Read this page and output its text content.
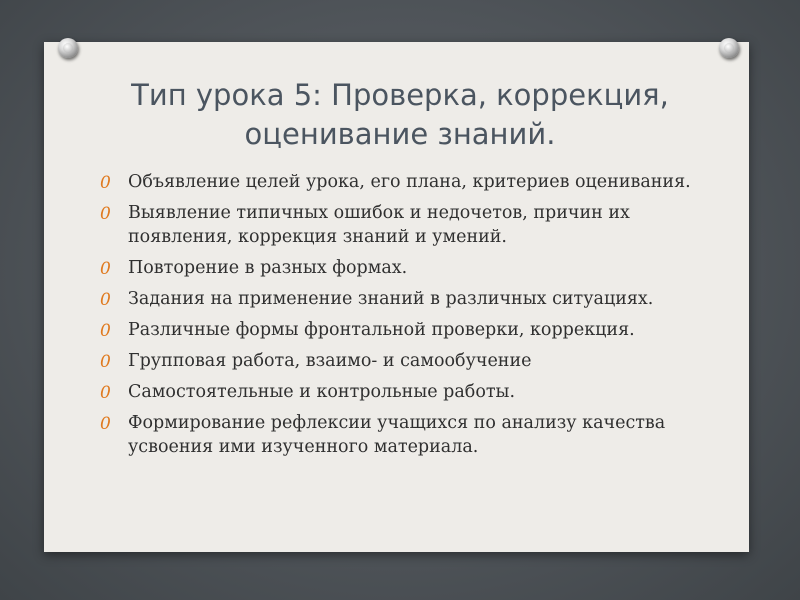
Тип урока 5: Проверка, коррекция,
оценивание знаний.
0 Объявление целей урока, его плана, критериев оценивания.
0 Выявление типичных ошибок и недочетов, причин их появления, коррекция знаний и умений.
0 Повторение в разных формах.
0 Задания на применение знаний в различных ситуациях.
0 Различные формы фронтальной проверки, коррекция.
0 Групповая работа, взаимо- и самообучение
0 Самостоятельные и контрольные работы.
0 Формирование рефлексии учащихся по анализу качества усвоения ими изученного материала.
